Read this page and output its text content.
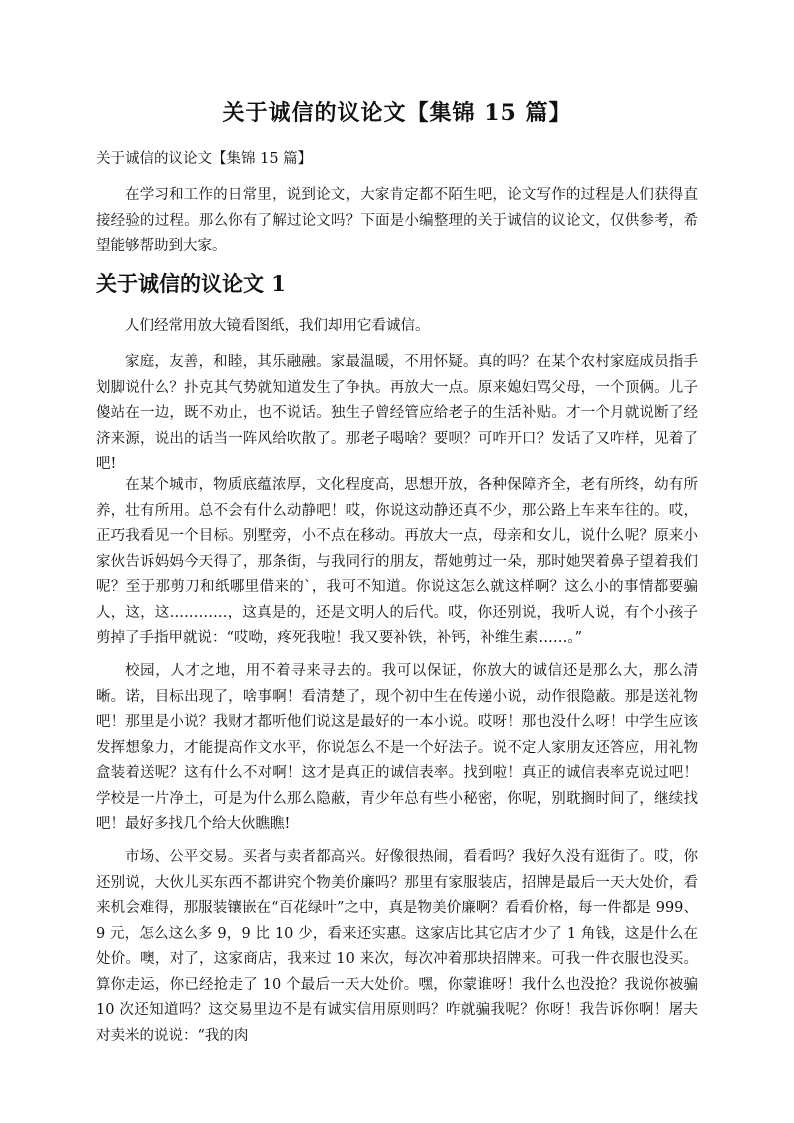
关于诚信的议论文【集锦 15 篇】

关于诚信的议论文【集锦 15 篇】

在学习和工作的日常里，说到论文，大家肯定都不陌生吧，论文写作的过程是人们获得直接经验的过程。那么你有了解过论文吗？下面是小编整理的关于诚信的议论文，仅供参考，希望能够帮助到大家。

关于诚信的议论文 1

人们经常用放大镜看图纸，我们却用它看诚信。

家庭，友善，和睦，其乐融融。家最温暖，不用怀疑。真的吗？在某个农村家庭成员指手划脚说什么？扑克其气势就知道发生了争执。再放大一点。原来媳妇骂父母，一个顶俩。儿子傻站在一边，既不劝止，也不说话。独生子曾经管应给老子的生活补贴。才一个月就说断了经济来源，说出的话当一阵风给吹散了。那老子喝啥？要呗？可咋开口？发话了又咋样，见着了吧!

在某个城市，物质底蕴浓厚，文化程度高，思想开放，各种保障齐全，老有所终，幼有所养，壮有所用。总不会有什么动静吧！哎，你说这动静还真不少，那公路上车来车往的。哎，正巧我看见一个目标。别墅旁，小不点在移动。再放大一点，母亲和女儿，说什么呢？原来小家伙告诉妈妈今天得了，那条街，与我同行的朋友，帮她剪过一朵，那时她哭着鼻子望着我们呢？至于那剪刀和纸哪里借来的`，我可不知道。你说这怎么就这样啊？这么小的事情都要骗人，这，这…………，这真是的，还是文明人的后代。哎，你还别说，我听人说，有个小孩子剪掉了手指甲就说：“哎呦，疼死我啦！我又要补铁，补钙，补维生素……。”

校园，人才之地，用不着寻来寻去的。我可以保证，你放大的诚信还是那么大，那么清晰。诺，目标出现了，啥事啊！看清楚了，现个初中生在传递小说，动作很隐蔽。那是送礼物吧！那里是小说？我财才都听他们说这是最好的一本小说。哎呀！那也没什么呀！中学生应该发挥想象力，才能提高作文水平，你说怎么不是一个好法子。说不定人家朋友还答应，用礼物盒装着送呢？这有什么不对啊！这才是真正的诚信表率。找到啦！真正的诚信表率克说过吧！学校是一片净土，可是为什么那么隐蔽，青少年总有些小秘密，你呢，别耽搁时间了，继续找吧！最好多找几个给大伙瞧瞧!

市场、公平交易。买者与卖者都高兴。好像很热闹，看看吗？我好久没有逛街了。哎，你还别说，大伙儿买东西不都讲究个物美价廉吗？那里有家服装店，招牌是最后一天大处价，看来机会难得，那服装镶嵌在“百花绿叶”之中，真是物美价廉啊？看看价格，每一件都是 999、9 元，怎么这么多 9，9 比 10 少，看来还实惠。这家店比其它店才少了 1 角钱，这是什么在处价。噢，对了，这家商店，我来过 10 来次，每次冲着那块招牌来。可我一件衣服也没买。算你走运，你已经抢走了 10 个最后一天大处价。嘿，你蒙谁呀！我什么也没抢？我说你被骗 10 次还知道吗？这交易里边不是有诚实信用原则吗？咋就骗我呢？你呀！我告诉你啊！屠夫对卖米的说说：“我的肉
